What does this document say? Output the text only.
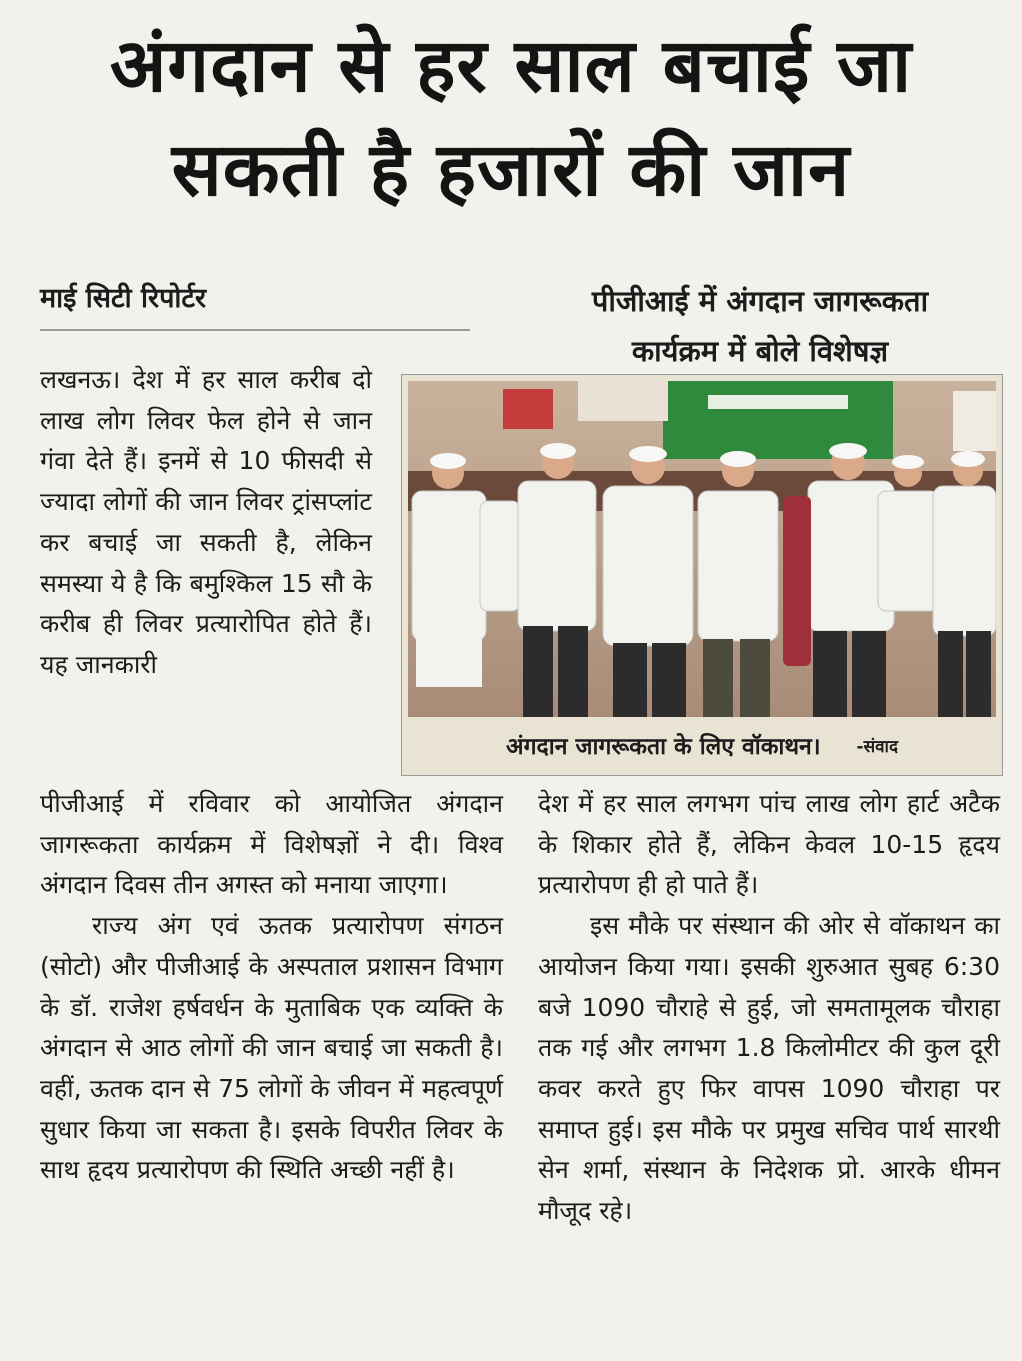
अंगदान से हर साल बचाई जा
सकती है हजारों की जान
माई सिटी रिपोर्टर	पीजीआई में अंगदान जागरूकता
कार्यक्रम में बोले विशेषज्ञ

लखनऊ। देश में हर साल करीब दो लाख लोग लिवर फेल होने से जान गंवा देते हैं। इनमें से 10 फीसदी से ज्यादा लोगों की जान लिवर ट्रांसप्लांट कर बचाई जा सकती है, लेकिन समस्या ये है कि बमुश्किल 15 सौ के करीब ही लिवर प्रत्यारोपित होते हैं। यह जानकारी

अंगदान जागरूकता के लिए वॉकाथन। -संवाद

पीजीआई में रविवार को आयोजित अंगदान जागरूकता कार्यक्रम में विशेषज्ञों ने दी। विश्व अंगदान दिवस तीन अगस्त को मनाया जाएगा।

राज्य अंग एवं ऊतक प्रत्यारोपण संगठन (सोटो) और पीजीआई के अस्पताल प्रशासन विभाग के डॉ. राजेश हर्षवर्धन के मुताबिक एक व्यक्ति के अंगदान से आठ लोगों की जान बचाई जा सकती है। वहीं, ऊतक दान से 75 लोगों के जीवन में महत्वपूर्ण सुधार किया जा सकता है। इसके विपरीत लिवर के साथ हृदय प्रत्यारोपण की स्थिति अच्छी नहीं है।

देश में हर साल लगभग पांच लाख लोग हार्ट अटैक के शिकार होते हैं, लेकिन केवल 10-15 हृदय प्रत्यारोपण ही हो पाते हैं।

इस मौके पर संस्थान की ओर से वॉकाथन का आयोजन किया गया। इसकी शुरुआत सुबह 6:30 बजे 1090 चौराहे से हुई, जो समतामूलक चौराहा तक गई और लगभग 1.8 किलोमीटर की कुल दूरी कवर करते हुए फिर वापस 1090 चौराहा पर समाप्त हुई। इस मौके पर प्रमुख सचिव पार्थ सारथी सेन शर्मा, संस्थान के निदेशक प्रो. आरके धीमन मौजूद रहे।
